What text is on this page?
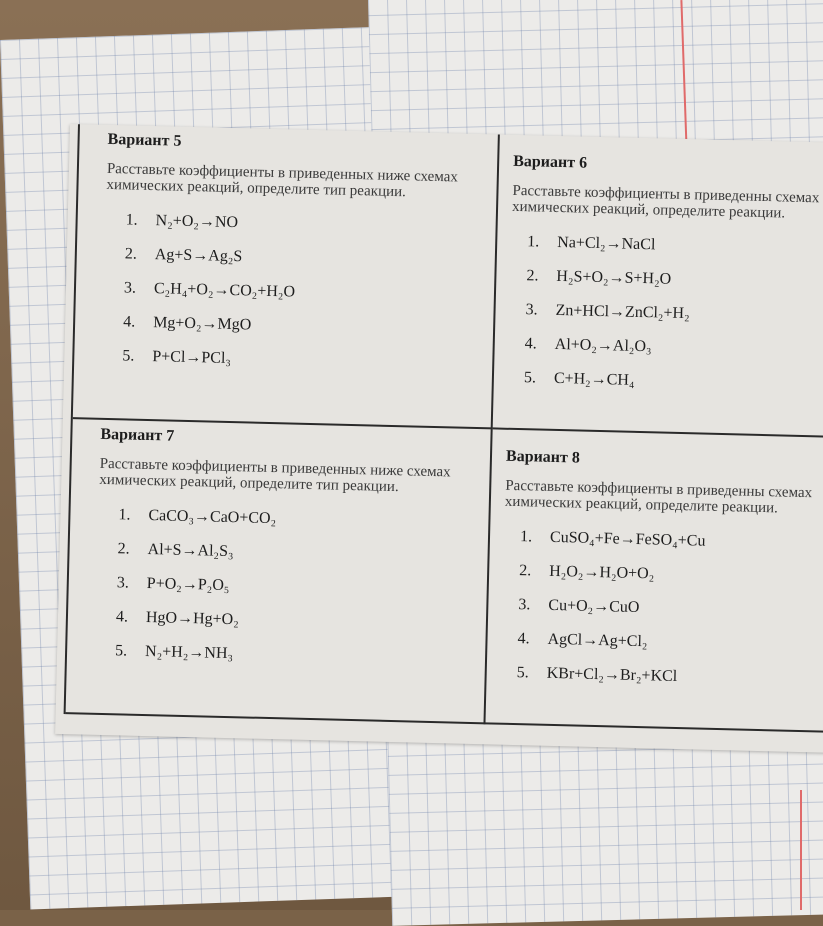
Вариант 5
Расставьте коэффициенты в приведенных ниже схемах химических реакций, определите тип реакции.
1.	N₂+O₂→NO
2.	Ag+S→Ag₂S
3.	C₂H₄+O₂→CO₂+H₂O
4.	Mg+O₂→MgO
5.	P+Cl→PCl₃
Вариант 6
Расставьте коэффициенты в приведенны схемах химических реакций, определите реакции.
1.	Na+Cl₂→NaCl
2.	H₂S+O₂→S+H₂O
3.	Zn+HCl→ZnCl₂+H₂
4.	Al+O₂→Al₂O₃
5.	C+H₂→CH₄
Вариант 7
Расставьте коэффициенты в приведенных ниже схемах химических реакций, определите тип реакции.
1.	CaCO₃→CaO+CO₂
2.	Al+S→Al₂S₃
3.	P+O₂→P₂O₅
4.	HgO→Hg+O₂
5.	N₂+H₂→NH₃
Вариант 8
Расставьте коэффициенты в приведенны схемах химических реакций, определите реакции.
1.	CuSO₄+Fe→FeSO₄+Cu
2.	H₂O₂→H₂O+O₂
3.	Cu+O₂→CuO
4.	AgCl→Ag+Cl₂
5.	KBr+Cl₂→Br₂+KCl
